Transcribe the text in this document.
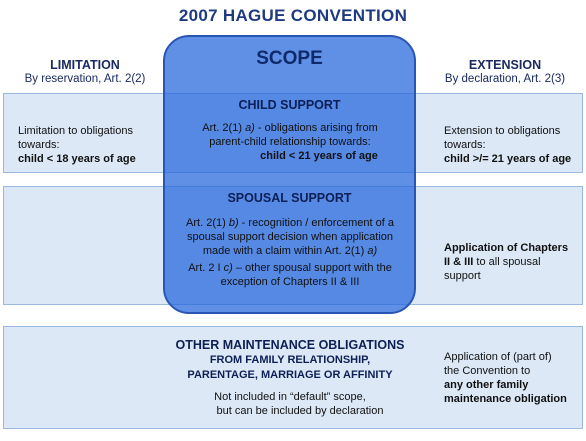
2007 HAGUE CONVENTION
LIMITATION
By reservation, Art. 2(2)
EXTENSION
By declaration, Art. 2(3)
SCOPE
CHILD SUPPORT
Limitation to obligations
towards:
child < 18 years of age
Art. 2(1) a) - obligations arising from
parent-child relationship towards:
child < 21 years of age
Extension to obligations
towards:
child >/= 21 years of age
SPOUSAL SUPPORT
Art. 2(1) b) - recognition / enforcement of a
spousal support decision when application
made with a claim within Art. 2(1) a)
Art. 2 I c) – other spousal support with the
exception of Chapters II & III
Application of Chapters
II & III to all spousal
support
OTHER MAINTENANCE OBLIGATIONS
FROM FAMILY RELATIONSHIP,
PARENTAGE, MARRIAGE OR AFFINITY
Not included in “default” scope,
but can be included by declaration
Application of (part of)
the Convention to
any other family
maintenance obligation
